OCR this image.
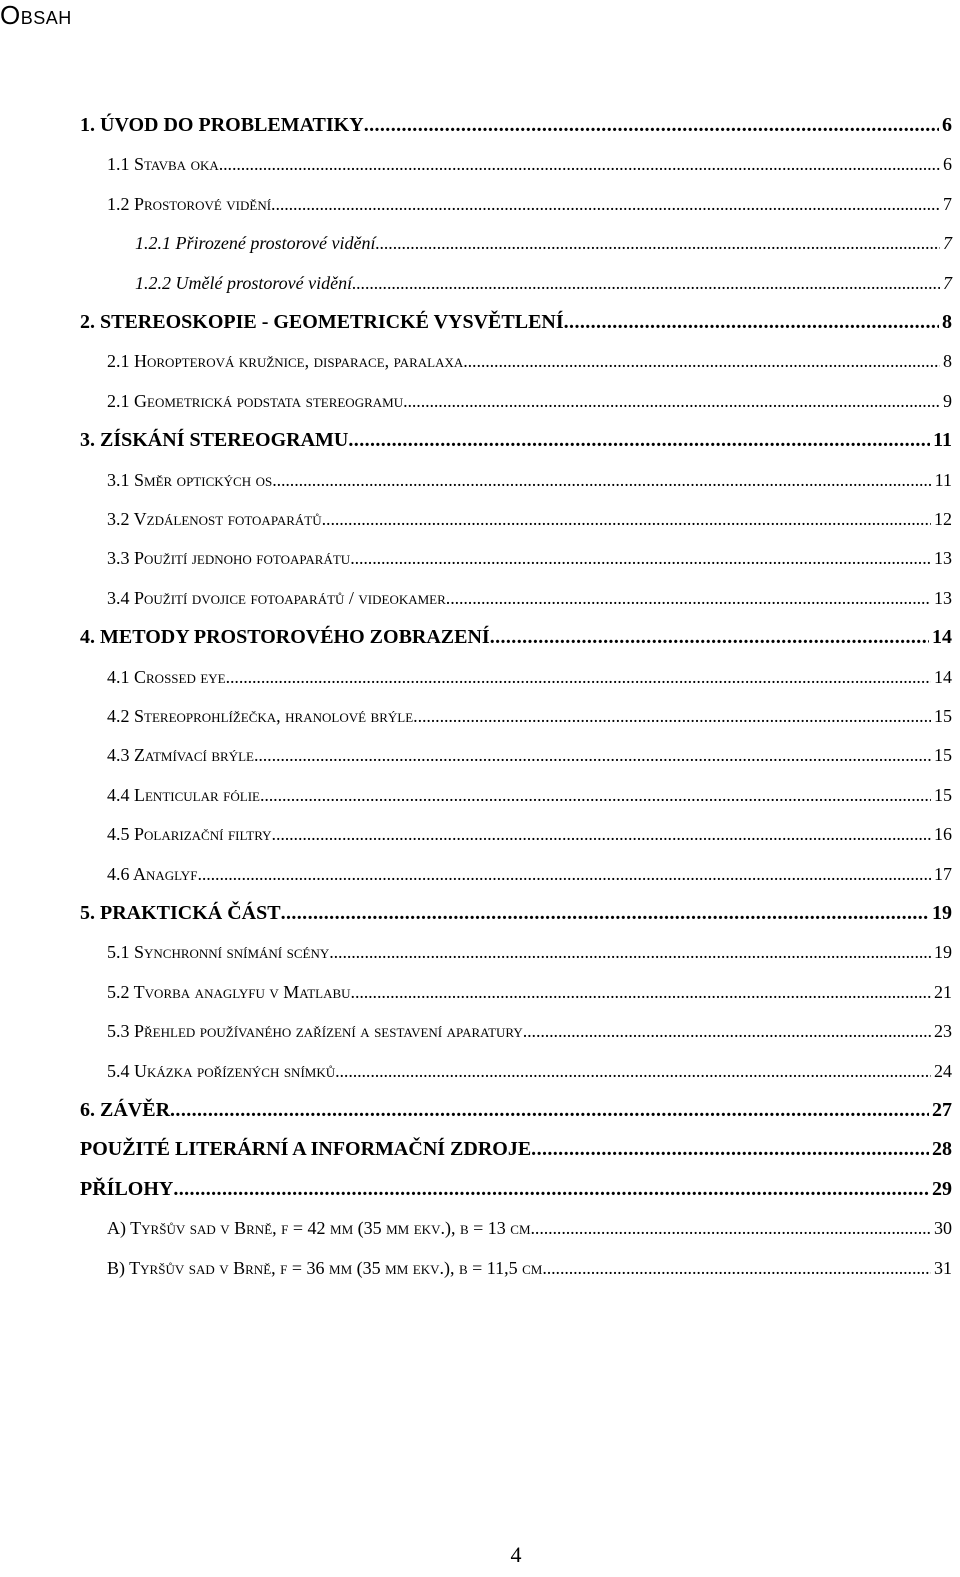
Obsah
1. ÚVOD DO PROBLEMATIKY . . .	6
1.1 Stavba oka . . .	6
1.2 Prostorové vidění . . .	7
1.2.1 Přirozené prostorové vidění . . .	7
1.2.2 Umělé prostorové vidění . . .	7
2. STEREOSKOPIE - GEOMETRICKÉ VYSVĚTLENÍ . . .	8
2.1 Horopterová kružnice, disparace, paralaxa . . .	8
2.1 Geometrická podstata stereogramu . . .	9
3. ZÍSKÁNÍ STEREOGRAMU . . .	11
3.1 Směr optických os . . .	11
3.2 Vzdálenost fotoaparátů . . .	12
3.3 Použití jednoho fotoaparátu . . .	13
3.4 Použití dvojice fotoaparátů / videokamer . . .	13
4. METODY PROSTOROVÉHO ZOBRAZENÍ . . .	14
4.1 Crossed eye . . .	14
4.2 Stereoprohlížečka, hranolové brýle . . .	15
4.3 Zatmívací brýle . . .	15
4.4 Lenticular fólie . . .	15
4.5 Polarizační filtry . . .	16
4.6 Anaglyf . . .	17
5. PRAKTICKÁ ČÁST . . .	19
5.1 Synchronní snímání scény . . .	19
5.2 Tvorba anaglyfu v Matlabu . . .	21
5.3 Přehled používaného zařízení a sestavení aparatury . . .	23
5.4 Ukázka pořízených snímků . . .	24
6. ZÁVĚR . . .	27
POUŽITÉ LITERÁRNÍ A INFORMAČNÍ ZDROJE . . .	28
PŘÍLOHY . . .	29
A) Tyršův sad v Brně, f = 42 mm (35 mm ekv.), b = 13 cm . . .	30
B) Tyršův sad v Brně, f = 36 mm (35 mm ekv.), b = 11,5 cm . . .	31
4
